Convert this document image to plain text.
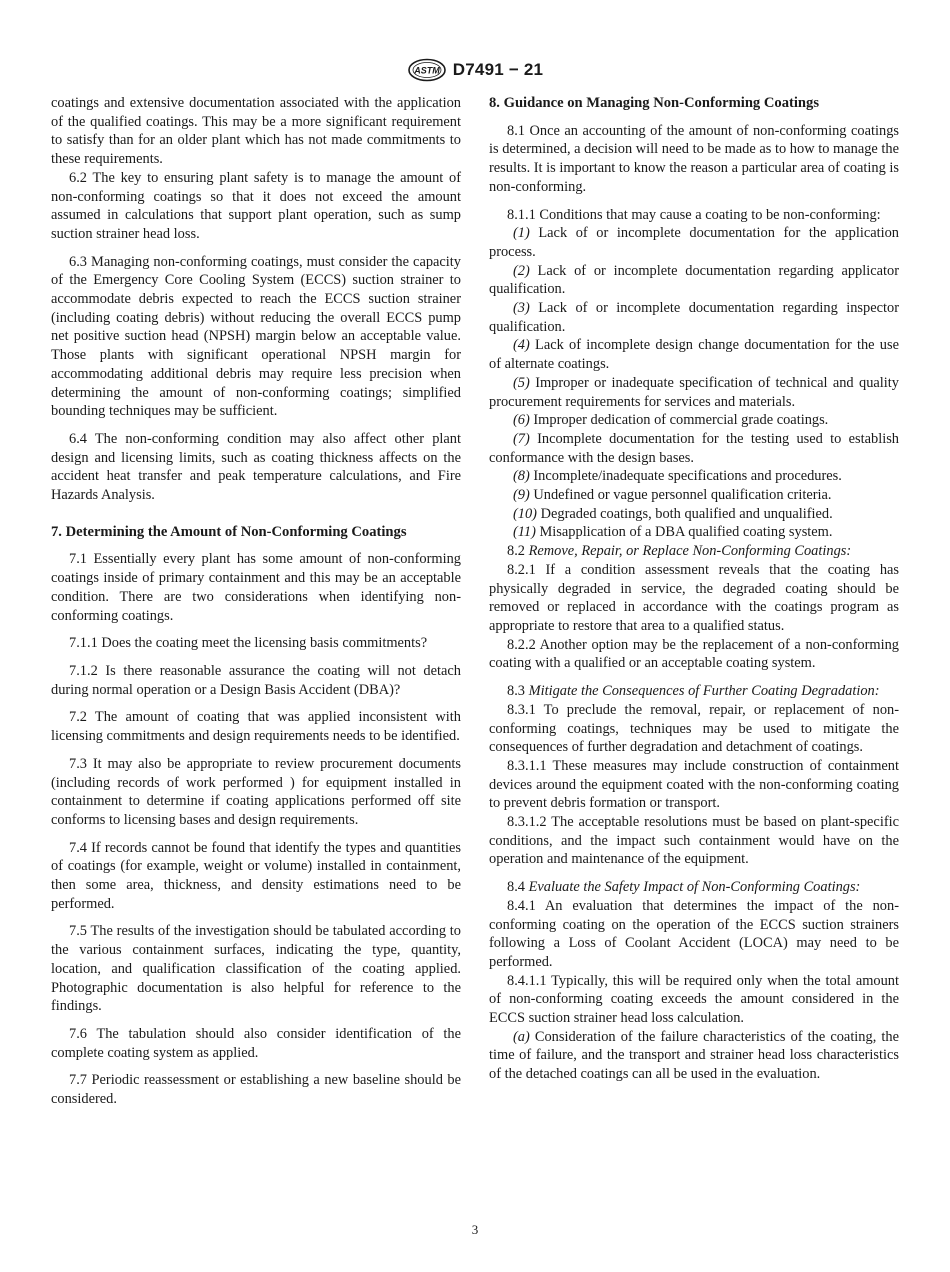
ASTM D7491 − 21

coatings and extensive documentation associated with the application of the qualified coatings. This may be a more significant requirement to satisfy than for an older plant which has not made commitments to these requirements.

6.2 The key to ensuring plant safety is to manage the amount of non-conforming coatings so that it does not exceed the amount assumed in calculations that support plant operation, such as sump suction strainer head loss.

6.3 Managing non-conforming coatings, must consider the capacity of the Emergency Core Cooling System (ECCS) suction strainer to accommodate debris expected to reach the ECCS suction strainer (including coating debris) without reducing the overall ECCS pump net positive suction head (NPSH) margin below an acceptable value. Those plants with significant operational NPSH margin for accommodating additional debris may require less precision when determining the amount of non-conforming coatings; simplified bounding techniques may be sufficient.

6.4 The non-conforming condition may also affect other plant design and licensing limits, such as coating thickness affects on the accident heat transfer and peak temperature calculations, and Fire Hazards Analysis.

7. Determining the Amount of Non-Conforming Coatings

7.1 Essentially every plant has some amount of non-conforming coatings inside of primary containment and this may be an acceptable condition. There are two considerations when identifying non-conforming coatings.

7.1.1 Does the coating meet the licensing basis commitments?

7.1.2 Is there reasonable assurance the coating will not detach during normal operation or a Design Basis Accident (DBA)?

7.2 The amount of coating that was applied inconsistent with licensing commitments and design requirements needs to be identified.

7.3 It may also be appropriate to review procurement documents (including records of work performed ) for equipment installed in containment to determine if coating applications performed off site conforms to licensing bases and design requirements.

7.4 If records cannot be found that identify the types and quantities of coatings (for example, weight or volume) installed in containment, then some area, thickness, and density estimations need to be performed.

7.5 The results of the investigation should be tabulated according to the various containment surfaces, indicating the type, quantity, location, and qualification classification of the coating applied. Photographic documentation is also helpful for reference to the findings.

7.6 The tabulation should also consider identification of the complete coating system as applied.

7.7 Periodic reassessment or establishing a new baseline should be considered.

8. Guidance on Managing Non-Conforming Coatings

8.1 Once an accounting of the amount of non-conforming coatings is determined, a decision will need to be made as to how to manage the results. It is important to know the reason a particular area of coating is non-conforming.

8.1.1 Conditions that may cause a coating to be non-conforming:

(1) Lack of or incomplete documentation for the application process.

(2) Lack of or incomplete documentation regarding applicator qualification.

(3) Lack of or incomplete documentation regarding inspector qualification.

(4) Lack of incomplete design change documentation for the use of alternate coatings.

(5) Improper or inadequate specification of technical and quality procurement requirements for services and materials.

(6) Improper dedication of commercial grade coatings.

(7) Incomplete documentation for the testing used to establish conformance with the design bases.

(8) Incomplete/inadequate specifications and procedures.

(9) Undefined or vague personnel qualification criteria.

(10) Degraded coatings, both qualified and unqualified.

(11) Misapplication of a DBA qualified coating system.

8.2 Remove, Repair, or Replace Non-Conforming Coatings:

8.2.1 If a condition assessment reveals that the coating has physically degraded in service, the degraded coating should be removed or replaced in accordance with the coatings program as appropriate to restore that area to a qualified status.

8.2.2 Another option may be the replacement of a non-conforming coating with a qualified or an acceptable coating system.

8.3 Mitigate the Consequences of Further Coating Degradation:

8.3.1 To preclude the removal, repair, or replacement of non-conforming coatings, techniques may be used to mitigate the consequences of further degradation and detachment of coatings.

8.3.1.1 These measures may include construction of containment devices around the equipment coated with the non-conforming coating to prevent debris formation or transport.

8.3.1.2 The acceptable resolutions must be based on plant-specific conditions, and the impact such containment would have on the operation and maintenance of the equipment.

8.4 Evaluate the Safety Impact of Non-Conforming Coatings:

8.4.1 An evaluation that determines the impact of the non-conforming coating on the operation of the ECCS suction strainers following a Loss of Coolant Accident (LOCA) may need to be performed.

8.4.1.1 Typically, this will be required only when the total amount of non-conforming coating exceeds the amount considered in the ECCS suction strainer head loss calculation.

(a) Consideration of the failure characteristics of the coating, the time of failure, and the transport and strainer head loss characteristics of the detached coatings can all be used in the evaluation.

3
